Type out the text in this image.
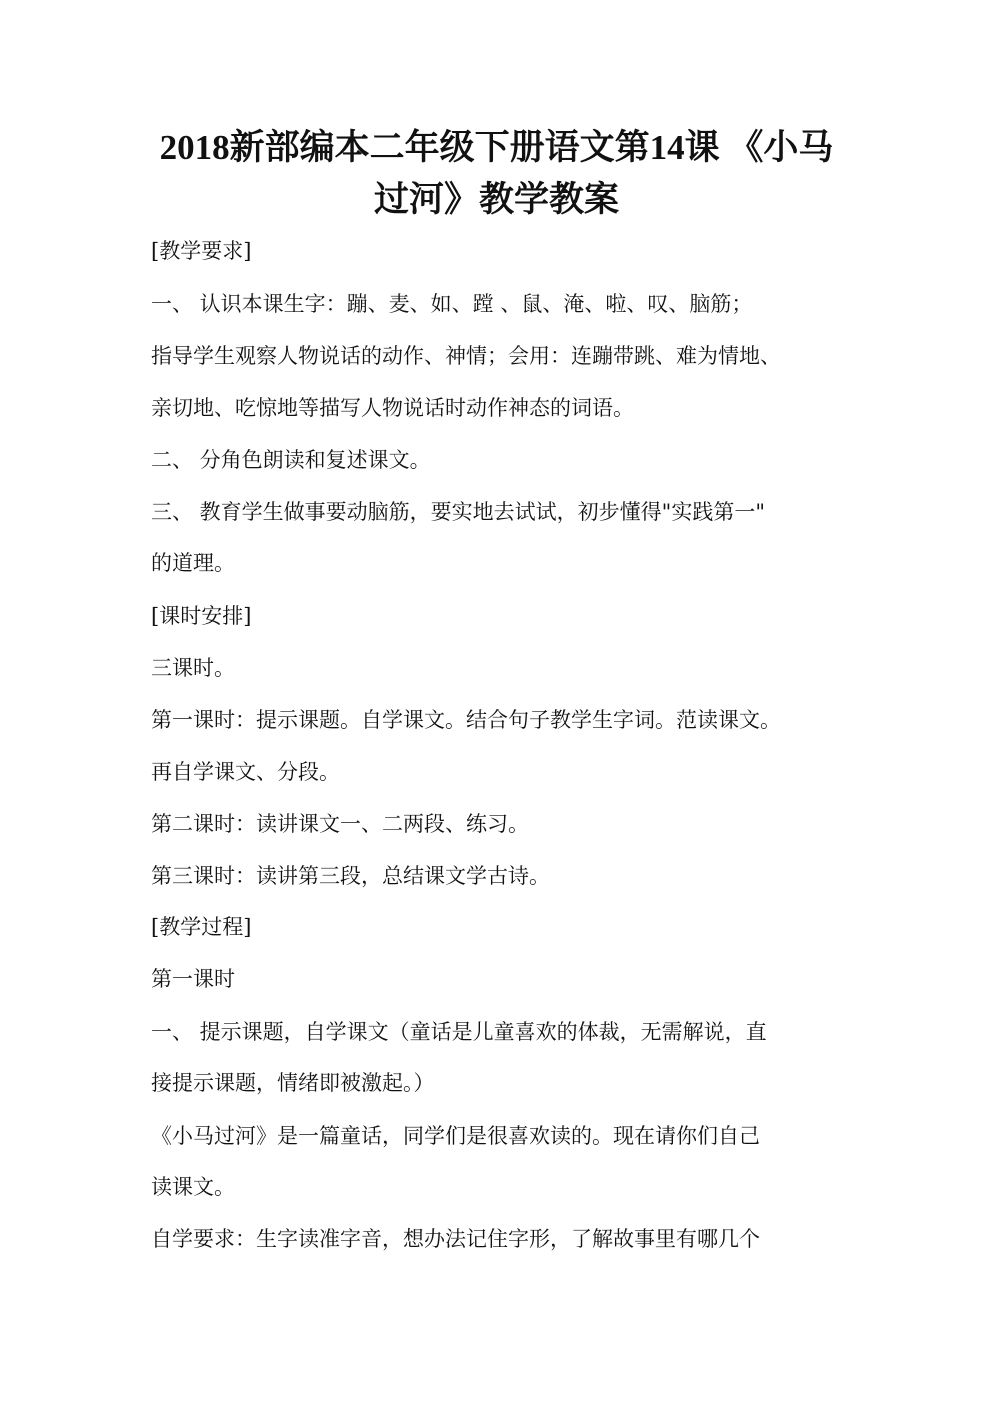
2018新部编本二年级下册语文第14课 《小马
过河》教学教案

[教学要求]

一、 认识本课生字：蹦、麦、如、蹚 、鼠、淹、啦、叹、脑筋；

指导学生观察人物说话的动作、神情；会用：连蹦带跳、难为情地、

亲切地、吃惊地等描写人物说话时动作神态的词语。

二、 分角色朗读和复述课文。

三、 教育学生做事要动脑筋，要实地去试试，初步懂得"实践第一"

的道理。

[课时安排]

三课时。

第一课时：提示课题。自学课文。结合句子教学生字词。范读课文。

再自学课文、分段。

第二课时：读讲课文一、二两段、练习。

第三课时：读讲第三段，总结课文学古诗。

[教学过程]

第一课时

一、 提示课题，自学课文（童话是儿童喜欢的体裁，无需解说，直

接提示课题，情绪即被激起。）

《小马过河》是一篇童话，同学们是很喜欢读的。现在请你们自己

读课文。

自学要求：生字读准字音，想办法记住字形，了解故事里有哪几个
